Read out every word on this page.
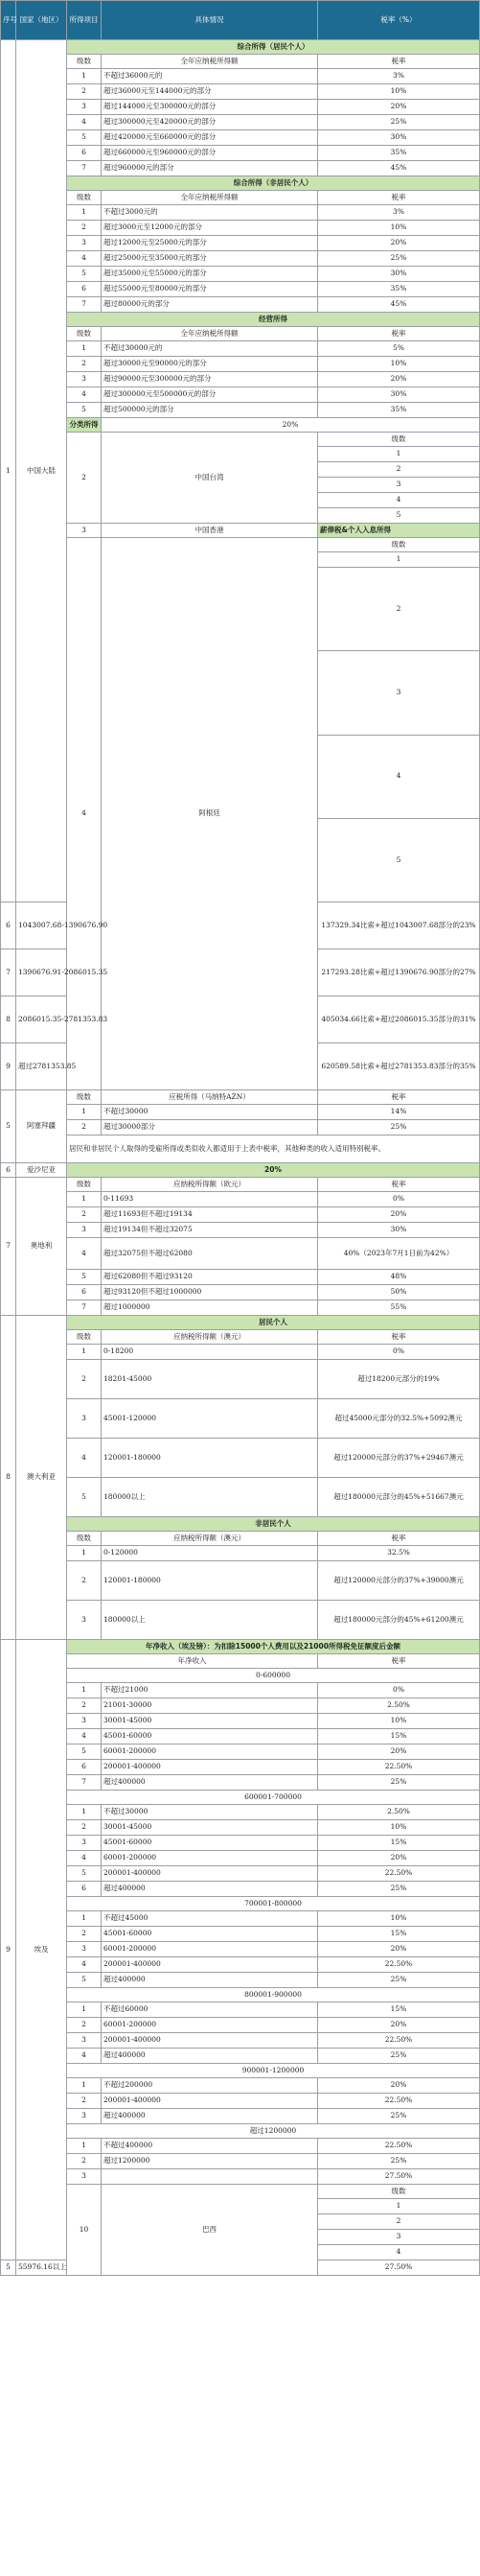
序号	国家（地区）	所得项目	具体情况	税率（%）	
1	中国大陆	综合所得（居民个人）			
		级数	全年应纳税所得额	税率	
		1	不超过36000元的	3%	
		2	超过36000元至144000元的部分	10%	
		3	超过144000元至300000元的部分	20%	
		4	超过300000元至420000元的部分	25%	
		5	超过420000元至660000元的部分	30%	
		6	超过660000元至960000元的部分	35%	
		7	超过960000元的部分	45%	
		综合所得（非居民个人）			
		级数	全年应纳税所得额	税率	
		1	不超过3000元的	3%	
		2	超过3000元至12000元的部分	10%	
		3	超过12000元至25000元的部分	20%	
		4	超过25000元至35000元的部分	25%	
		5	超过35000元至55000元的部分	30%	
		6	超过55000元至80000元的部分	35%	
		7	超过80000元的部分	45%	
		经营所得			
		级数	全年应纳税所得额	税率	
		1	不超过30000元的	5%	
		2	超过30000元至90000元的部分	10%	
		3	超过90000元至300000元的部分	20%	
		4	超过300000元至500000元的部分	30%	
		5	超过500000元的部分	35%	
		分类所得	20%		
		2	中国台湾	级数		
				1		
				2		
				3		
				4		
				5		
		3	中国香港	薪俸税&个人入息所得	
		4	阿根廷	级数		
				1		
				2		
				3		
				4		
				5		
6	1043007.68-1390676.90			137329.34比索+超过1043007.68部分的23%	
7	1390676.91-2086015.35			217293.28比索+超过1390676.90部分的27%	
8	2086015.35-2781353.83			405034.66比索+超过2086015.35部分的31%	
9	超过2781353.85			620589.58比索+超过2781353.83部分的35%	
5	阿塞拜疆	级数	应税所得（马纳特AZN）	税率	
		1	不超过30000	14%	
		2	超过30000部分	25%	
		居民和非居民个人取得的受雇所得或类似收入都适用于上表中税率，其他种类的收入适用特别税率。			
6	爱沙尼亚	20%			
7	奥地利	级数	应纳税所得额（欧元）	税率	
		1	0-11693	0%	
		2	超过11693但不超过19134	20%	
		3	超过19134但不超过32075	30%	
		4	超过32075但不超过62080	40%（2023年7月1日前为42%）	
		5	超过62080但不超过93120	48%	
		6	超过93120但不超过1000000	50%	
		7	超过1000000	55%	
8	澳大利亚	居民个人			
		级数	应纳税所得额（澳元）	税率	
		1	0-18200	0%	
		2	18201-45000	超过18200元部分的19%	
		3	45001-120000	超过45000元部分的32.5%+5092澳元	
		4	120001-180000	超过120000元部分的37%+29467澳元	
		5	180000以上	超过180000元部分的45%+51667澳元	
		非居民个人			
		级数	应纳税所得额（澳元）	税率	
		1	0-120000	32.5%	
		2	120001-180000	超过120000元部分的37%+39000澳元	
		3	180000以上	超过180000元部分的45%+61200澳元	
9	埃及	年净收入（埃及镑）：为扣除15000个人费用以及21000所得税免征额度后金额			
		年净收入		税率	
		0-600000			
		1	不超过21000	0%	
		2	21001-30000	2.50%	
		3	30001-45000	10%	
		4	45001-60000	15%	
		5	60001-200000	20%	
		6	200001-400000	22.50%	
		7	超过400000	25%	
		600001-700000			
		1	不超过30000	2.50%	
		2	30001-45000	10%	
		3	45001-60000	15%	
		4	60001-200000	20%	
		5	200001-400000	22.50%	
		6	超过400000	25%	
		700001-800000			
		1	不超过45000	10%	
		2	45001-60000	15%	
		3	60001-200000	20%	
		4	200001-400000	22.50%	
		5	超过400000	25%	
		800001-900000			
		1	不超过60000	15%	
		2	60001-200000	20%	
		3	200001-400000	22.50%	
		4	超过400000	25%	
		900001-1200000			
		1	不超过200000	20%	
		2	200001-400000	22.50%	
		3	超过400000	25%	
		超过1200000			
		1	不超过400000	22.50%	
		2	超过1200000	25%	
		3		27.50%	
		10	巴西	级数		
				1		
				2		
				3		
				4		
5	55976.16以上			27.50%	
